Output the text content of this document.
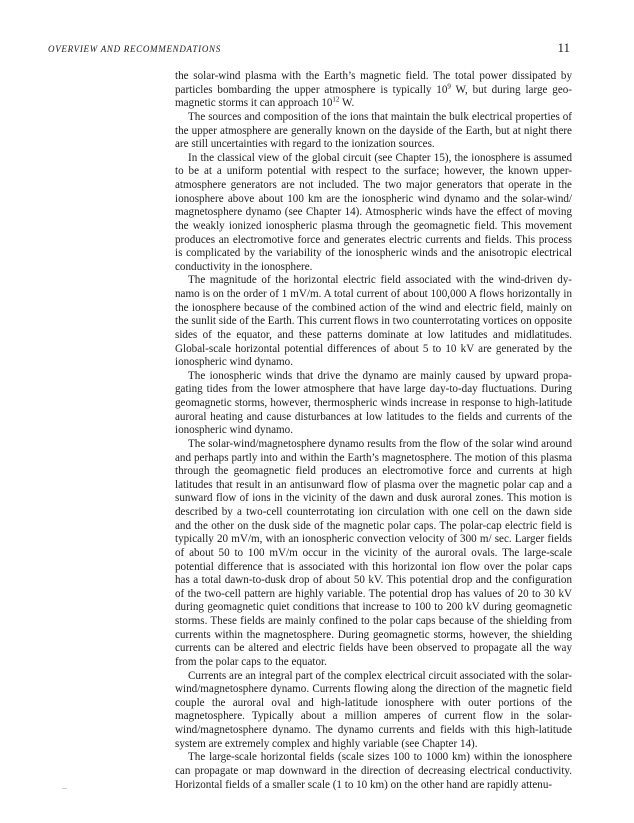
OVERVIEW AND RECOMMENDATIONS	11

the solar-wind plasma with the Earth’s magnetic field. The total power dissipated by particles bombarding the upper atmosphere is typically $10^9$ W, but during large geomagnetic storms it can approach $10^{12}$ W.

The sources and composition of the ions that maintain the bulk electrical properties of the upper atmosphere are generally known on the dayside of the Earth, but at night there are still uncertainties with regard to the ionization sources.

In the classical view of the global circuit (see Chapter 15), the ionosphere is assumed to be at a uniform potential with respect to the surface; however, the known upper-atmosphere generators are not included. The two major generators that operate in the ionosphere above about 100 km are the ionospheric wind dynamo and the solar-wind/ magnetosphere dynamo (see Chapter 14). Atmospheric winds have the effect of moving the weakly ionized ionospheric plasma through the geomagnetic field. This movement produces an electromotive force and generates electric currents and fields. This process is complicated by the variability of the ionospheric winds and the anisotropic electrical conductivity in the ionosphere.

The magnitude of the horizontal electric field associated with the wind-driven dynamo is on the order of 1 mV/m. A total current of about 100,000 A flows horizontally in the ionosphere because of the combined action of the wind and electric field, mainly on the sunlit side of the Earth. This current flows in two counterrotating vortices on opposite sides of the equator, and these patterns dominate at low latitudes and midlatitudes. Global-scale horizontal potential differences of about 5 to 10 kV are generated by the ionospheric wind dynamo.

The ionospheric winds that drive the dynamo are mainly caused by upward propagating tides from the lower atmosphere that have large day-to-day fluctuations. During geomagnetic storms, however, thermospheric winds increase in response to high-latitude auroral heating and cause disturbances at low latitudes to the fields and currents of the ionospheric wind dynamo.

The solar-wind/magnetosphere dynamo results from the flow of the solar wind around and perhaps partly into and within the Earth’s magnetosphere. The motion of this plasma through the geomagnetic field produces an electromotive force and currents at high latitudes that result in an antisunward flow of plasma over the magnetic polar cap and a sunward flow of ions in the vicinity of the dawn and dusk auroral zones. This motion is described by a two-cell counterrotating ion circulation with one cell on the dawn side and the other on the dusk side of the magnetic polar caps. The polar-cap electric field is typically 20 mV/m, with an ionospheric convection velocity of 300 m/ sec. Larger fields of about 50 to 100 mV/m occur in the vicinity of the auroral ovals. The large-scale potential difference that is associated with this horizontal ion flow over the polar caps has a total dawn-to-dusk drop of about 50 kV. This potential drop and the configuration of the two-cell pattern are highly variable. The potential drop has values of 20 to 30 kV during geomagnetic quiet conditions that increase to 100 to 200 kV during geomagnetic storms. These fields are mainly confined to the polar caps because of the shielding from currents within the magnetosphere. During geomagnetic storms, however, the shielding currents can be altered and electric fields have been observed to propagate all the way from the polar caps to the equator.

Currents are an integral part of the complex electrical circuit associated with the solar-wind/magnetosphere dynamo. Currents flowing along the direction of the magnetic field couple the auroral oval and high-latitude ionosphere with outer portions of the magnetosphere. Typically about a million amperes of current flow in the solar-wind/magnetosphere dynamo. The dynamo currents and fields with this high-latitude system are extremely complex and highly variable (see Chapter 14).

The large-scale horizontal fields (scale sizes 100 to 1000 km) within the ionosphere can propagate or map downward in the direction of decreasing electrical conductivity. Horizontal fields of a smaller scale (1 to 10 km) on the other hand are rapidly attenu-
